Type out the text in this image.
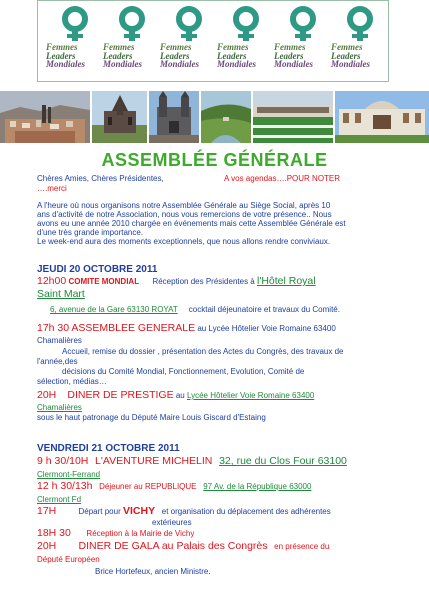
Femmes
Leaders
Mondiales
Femmes
Leaders
Mondiales
Femmes
Leaders
Mondiales
Femmes
Leaders
Mondiales
Femmes
Leaders
Mondiales
Femmes
Leaders
Mondiales
ASSEMBLÉE GÉNÉRALE
Chères Amies, Chères Présidentes,	A vos agendas….POUR NOTER
….merci
A l'heure où nous organisons notre Assemblée Générale au Siège Social, après 10
ans d'activité de notre Association, nous vous remercions de votre présence.. Nous
avons eu une année 2010 chargée en événements mais cette Assemblée Générale est
d'une très grande importance.
Le week-end aura des moments exceptionnels, que nous allons rendre conviviaux.
JEUDI 20 OCTOBRE 2011
12h00 COMITE MONDIAL Réception des Présidentes à l'Hôtel Royal
Saint Mart
6, avenue de la Gare 63130 ROYAT cocktail déjeunatoire et travaux du Comité.
17h 30 ASSEMBLEE GENERALE au Lycée Hôtelier Voie Romaine 63400
Chamalières
Accueil, remise du dossier , présentation des Actes du Congrès, des travaux de
l'année,des
décisions du Comité Mondial, Fonctionnement, Evolution, Comité de
sélection, médias…
20H DINER DE PRESTIGE au Lycée Hôtelier Voie Romaine 63400
Chamalières
sous le haut patronage du Député Maire Louis Giscard d'Estaing
VENDREDI 21 OCTOBRE 2011
9 h 30/10H L'AVENTURE MICHELIN 32, rue du Clos Four 63100
Clermont-Ferrand
12 h 30/13h Déjeuner au REPUBLIQUE 97 Av. de la République 63000
Clermont Fd
17H	Départ pour VICHY et organisation du déplacement des adhérentes
extérieures
18H 30 Réception à la Mairie de Vichy
20H DINER DE GALA au Palais des Congrès en présence du
Député Européen
Brice Hortefeux, ancien Ministre.
